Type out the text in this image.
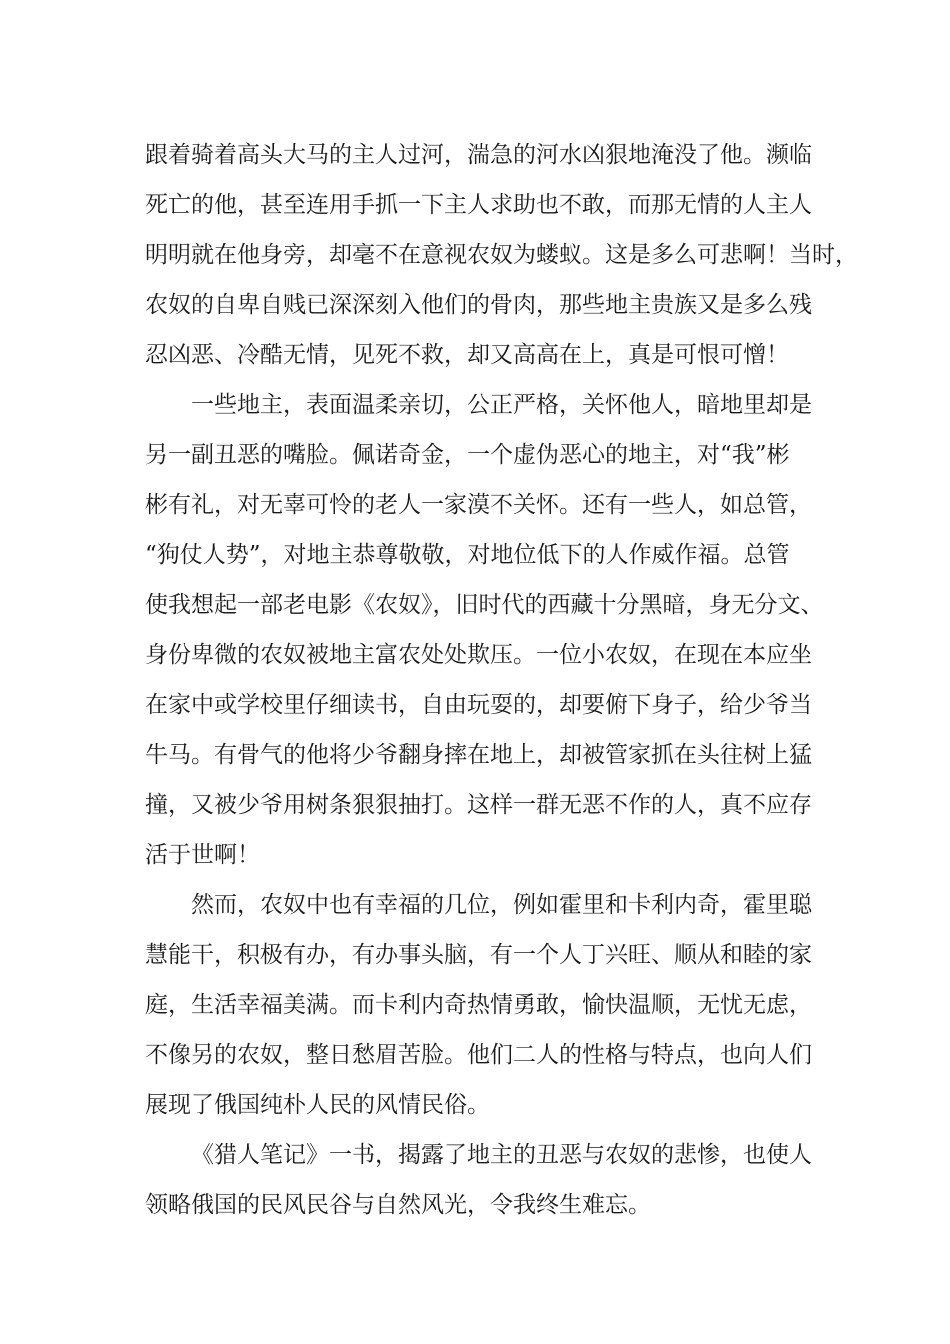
跟着骑着高头大马的主人过河，湍急的河水凶狠地淹没了他。濒临
死亡的他，甚至连用手抓一下主人求助也不敢，而那无情的人主人
明明就在他身旁，却毫不在意视农奴为蝼蚁。这是多么可悲啊！当时，
农奴的自卑自贱已深深刻入他们的骨肉，那些地主贵族又是多么残
忍凶恶、冷酷无情，见死不救，却又高高在上，真是可恨可憎！
一些地主，表面温柔亲切，公正严格，关怀他人，暗地里却是
另一副丑恶的嘴脸。佩诺奇金，一个虚伪恶心的地主，对“我”彬
彬有礼，对无辜可怜的老人一家漠不关怀。还有一些人，如总管，
“狗仗人势”，对地主恭尊敬敬，对地位低下的人作威作福。总管
使我想起一部老电影《农奴》，旧时代的西藏十分黑暗，身无分文、
身份卑微的农奴被地主富农处处欺压。一位小农奴，在现在本应坐
在家中或学校里仔细读书，自由玩耍的，却要俯下身子，给少爷当
牛马。有骨气的他将少爷翻身摔在地上，却被管家抓在头往树上猛
撞，又被少爷用树条狠狠抽打。这样一群无恶不作的人，真不应存
活于世啊！
然而，农奴中也有幸福的几位，例如霍里和卡利内奇，霍里聪
慧能干，积极有办，有办事头脑，有一个人丁兴旺、顺从和睦的家
庭，生活幸福美满。而卡利内奇热情勇敢，愉快温顺，无忧无虑，
不像另的农奴，整日愁眉苦脸。他们二人的性格与特点，也向人们
展现了俄国纯朴人民的风情民俗。
《猎人笔记》一书，揭露了地主的丑恶与农奴的悲惨，也使人
领略俄国的民风民谷与自然风光，令我终生难忘。
